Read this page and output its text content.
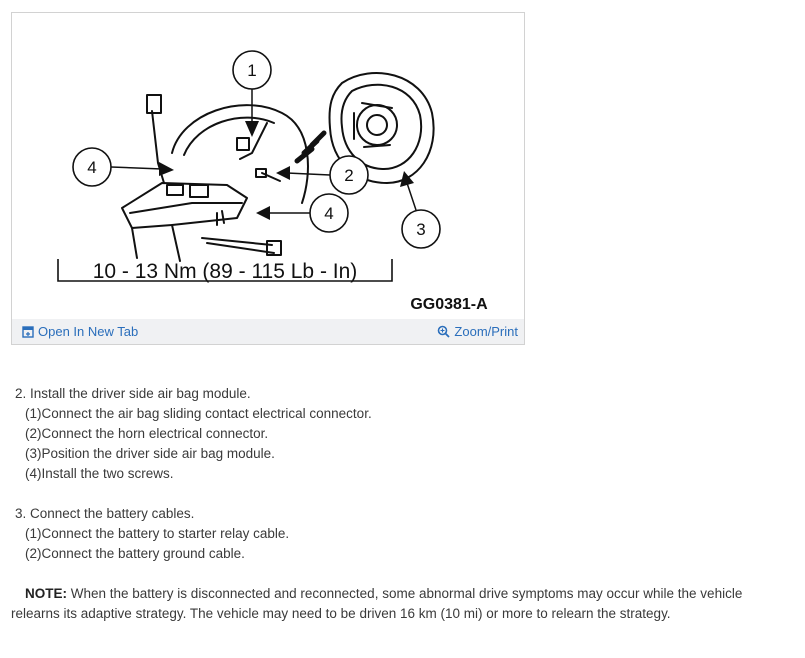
1
2
3
4
4
10 - 13 Nm (89 - 115 Lb - In)
GG0381-A
Open In New Tab	Zoom/Print
2. Install the driver side air bag module.
(1)Connect the air bag sliding contact electrical connector.
(2)Connect the horn electrical connector.
(3)Position the driver side air bag module.
(4)Install the two screws.
3. Connect the battery cables.
(1)Connect the battery to starter relay cable.
(2)Connect the battery ground cable.
NOTE: When the battery is disconnected and reconnected, some abnormal drive symptoms may occur while the vehicle relearns its adaptive strategy. The vehicle may need to be driven 16 km (10 mi) or more to relearn the strategy.
